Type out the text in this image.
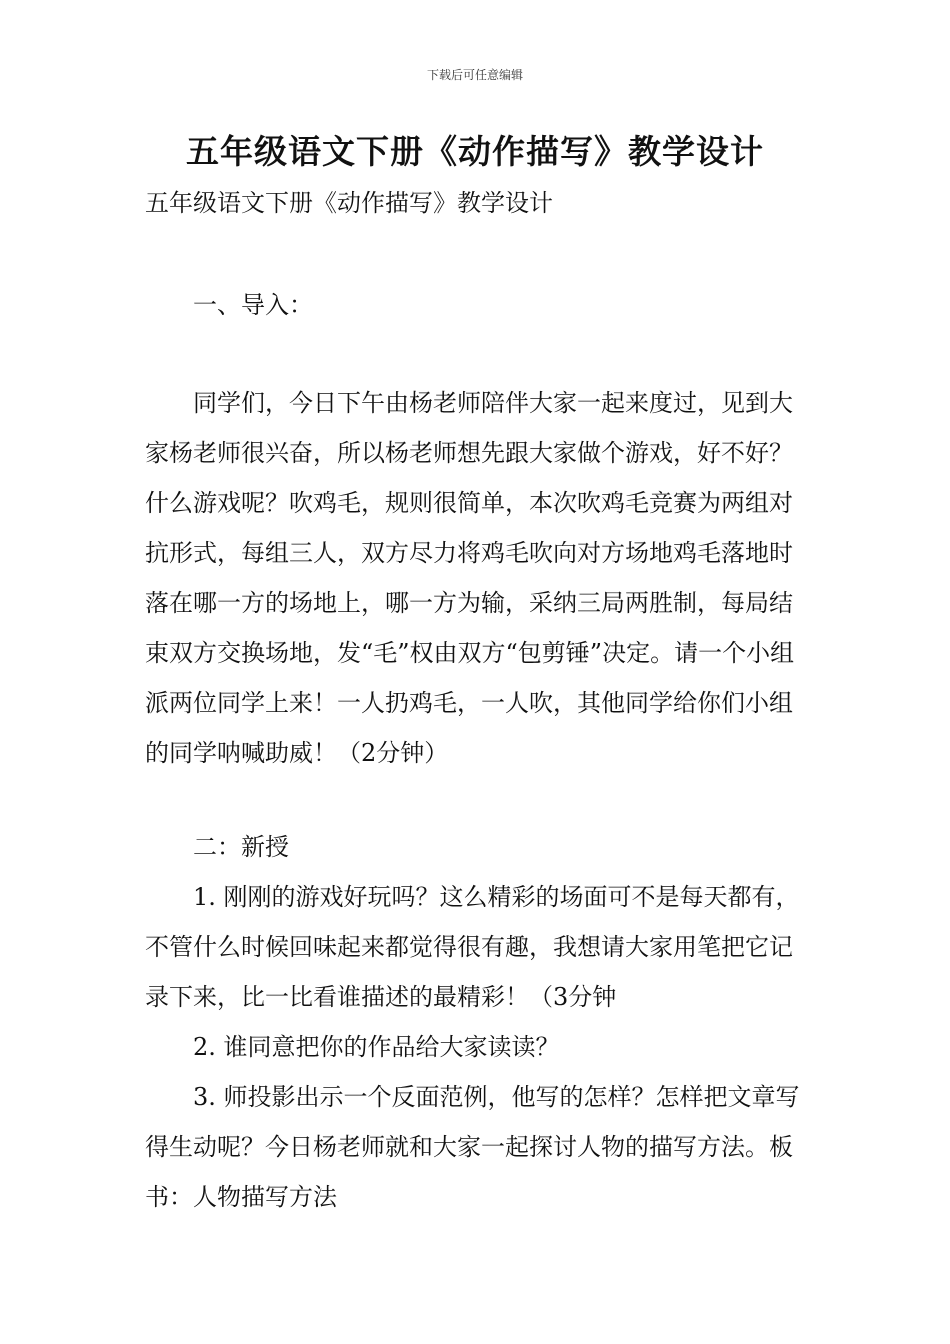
下载后可任意编辑
五年级语文下册《动作描写》教学设计
五年级语文下册《动作描写》教学设计

一、导入：

同学们，今日下午由杨老师陪伴大家一起来度过，见到大家杨老师很兴奋，所以杨老师想先跟大家做个游戏，好不好？什么游戏呢？吹鸡毛，规则很简单，本次吹鸡毛竞赛为两组对抗形式，每组三人，双方尽力将鸡毛吹向对方场地鸡毛落地时落在哪一方的场地上，哪一方为输，采纳三局两胜制，每局结束双方交换场地，发“毛”权由双方“包剪锤”决定。请一个小组派两位同学上来！一人扔鸡毛，一人吹，其他同学给你们小组的同学呐喊助威！（2分钟）

二：新授

1. 刚刚的游戏好玩吗？这么精彩的场面可不是每天都有，不管什么时候回味起来都觉得很有趣，我想请大家用笔把它记录下来，比一比看谁描述的最精彩！（3分钟

2. 谁同意把你的作品给大家读读？

3. 师投影出示一个反面范例，他写的怎样？怎样把文章写得生动呢？今日杨老师就和大家一起探讨人物的描写方法。板书：人物描写方法
